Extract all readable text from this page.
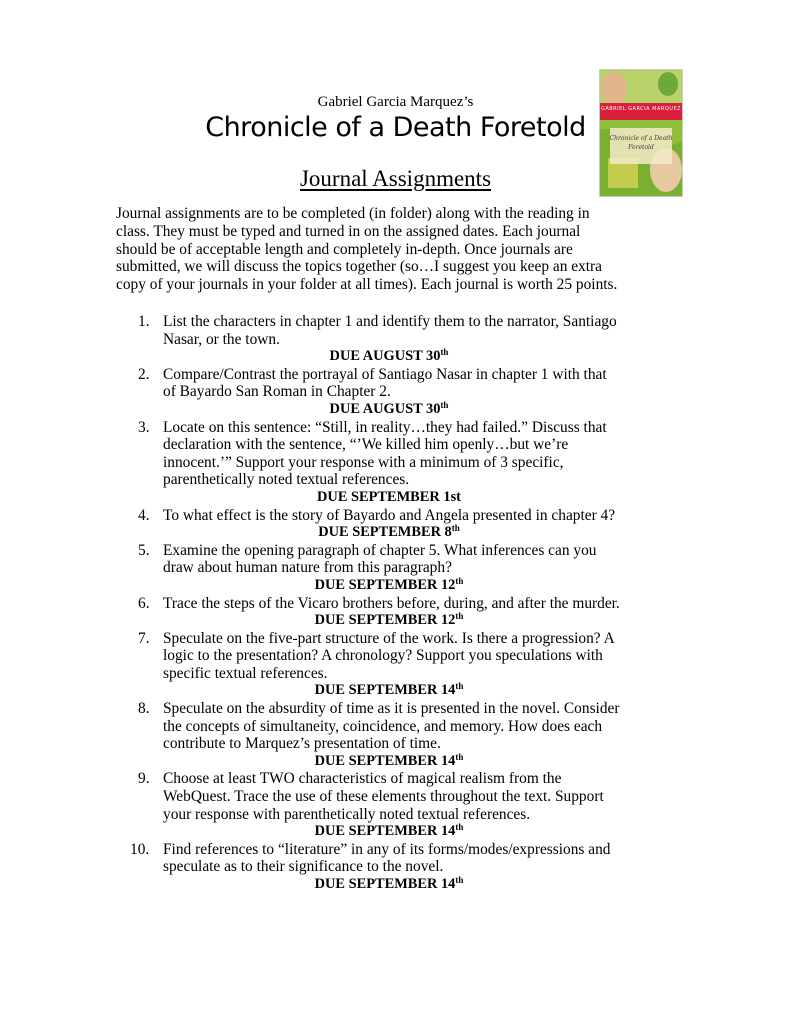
Gabriel Garcia Marquez’s
Chronicle of a Death Foretold
Journal Assignments
GABRIEL GARCIA MARQUEZ
Chronicle of a Death Foretold
Journal assignments are to be completed (in folder) along with the reading in
class. They must be typed and turned in on the assigned dates. Each journal
should be of acceptable length and completely in-depth. Once journals are
submitted, we will discuss the topics together (so…I suggest you keep an extra
copy of your journals in your folder at all times). Each journal is worth 25 points.
1. List the characters in chapter 1 and identify them to the narrator, Santiago
Nasar, or the town.
DUE AUGUST 30th
2. Compare/Contrast the portrayal of Santiago Nasar in chapter 1 with that
of Bayardo San Roman in Chapter 2.
DUE AUGUST 30th
3. Locate on this sentence: “Still, in reality…they had failed.” Discuss that
declaration with the sentence, “’We killed him openly…but we’re
innocent.’” Support your response with a minimum of 3 specific,
parenthetically noted textual references.
DUE SEPTEMBER 1st
4. To what effect is the story of Bayardo and Angela presented in chapter 4?
DUE SEPTEMBER 8th
5. Examine the opening paragraph of chapter 5. What inferences can you
draw about human nature from this paragraph?
DUE SEPTEMBER 12th
6. Trace the steps of the Vicaro brothers before, during, and after the murder.
DUE SEPTEMBER 12th
7. Speculate on the five-part structure of the work. Is there a progression? A
logic to the presentation? A chronology? Support you speculations with
specific textual references.
DUE SEPTEMBER 14th
8. Speculate on the absurdity of time as it is presented in the novel. Consider
the concepts of simultaneity, coincidence, and memory. How does each
contribute to Marquez’s presentation of time.
DUE SEPTEMBER 14th
9. Choose at least TWO characteristics of magical realism from the
WebQuest. Trace the use of these elements throughout the text. Support
your response with parenthetically noted textual references.
DUE SEPTEMBER 14th
10. Find references to “literature” in any of its forms/modes/expressions and
speculate as to their significance to the novel.
DUE SEPTEMBER 14th
